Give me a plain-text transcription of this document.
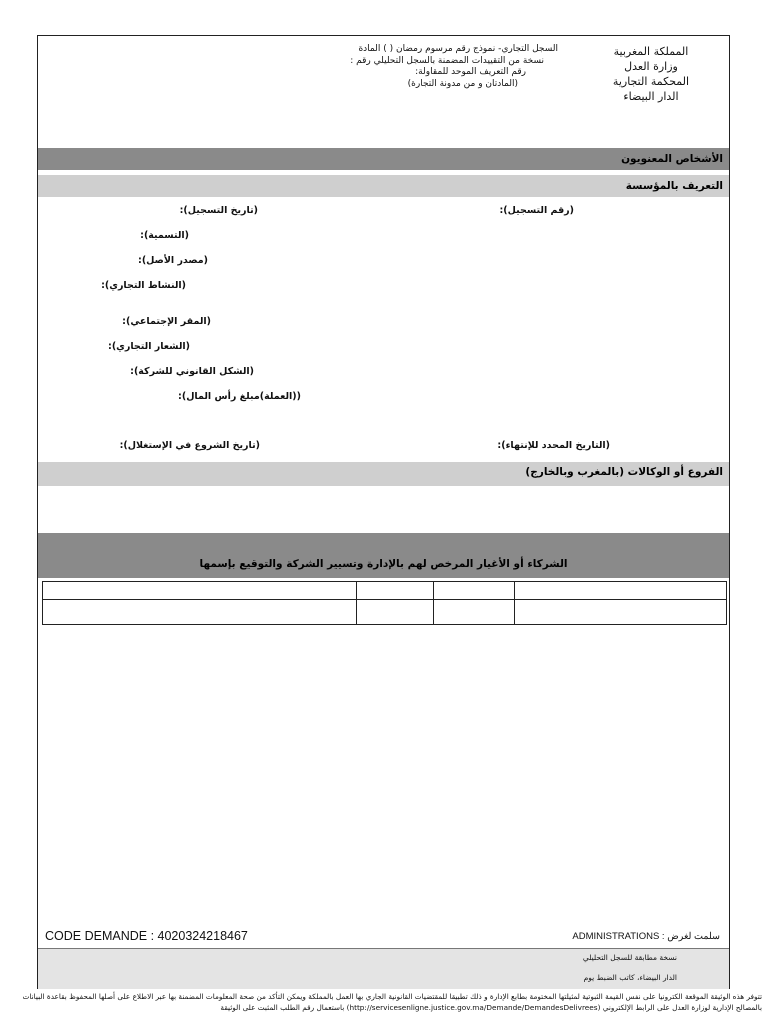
المملكة المغربية
وزارة العدل
المحكمة التجارية
الدار البيضاء
السجل التجاري- نموذج رقم مرسوم رمضان ( ) المادة
نسخة من التقييدات المضمنة بالسجل التحليلي رقم :
رقم التعريف الموحد للمقاولة:
(المادتان و من مدونة التجارة)
الأشخاص المعنويون
التعريف بالمؤسسة
(تاريخ التسجيل):	(رقم التسجيل):
(التسمية):
(مصدر الأصل):
(النشاط التجاري):
(المقر الإجتماعي):
(الشعار التجاري):
(الشكل القانوني للشركة):
((العملة)مبلغ رأس المال):
(تاريخ الشروع في الإستغلال):	(التاريخ المحدد للإنتهاء):
الفروع أو الوكالات (بالمغرب وبالخارج)
الشركاء أو الأغيار المرخص لهم بالإدارة وتسيير الشركة والتوقيع بإسمها

CODE DEMANDE : 4020324218467	سلمت لغرض : ADMINISTRATIONS
نسخة مطابقة للسجل التحليلي
الدار البيضاء، كاتب الضبط يوم
تتوفر هذه الوثيقة الموقعة الكترونيا على نفس القيمة الثبوتية لمثيلتها المختومة بطابع الإدارة و ذلك تطبيقا للمقتضيات القانونية الجاري بها العمل بالمملكة ويمكن التأكد من صحة المعلومات المضمنة بها عبر الاطلاع على أصلها المحفوظ بقاعدة البيانات بالمصالح الإدارية لوزارة العدل على الرابط الإلكتروني (http://servicesenligne.justice.gov.ma/Demande/DemandesDelivrees) باستعمال رقم الطلب المثبت على الوثيقة
